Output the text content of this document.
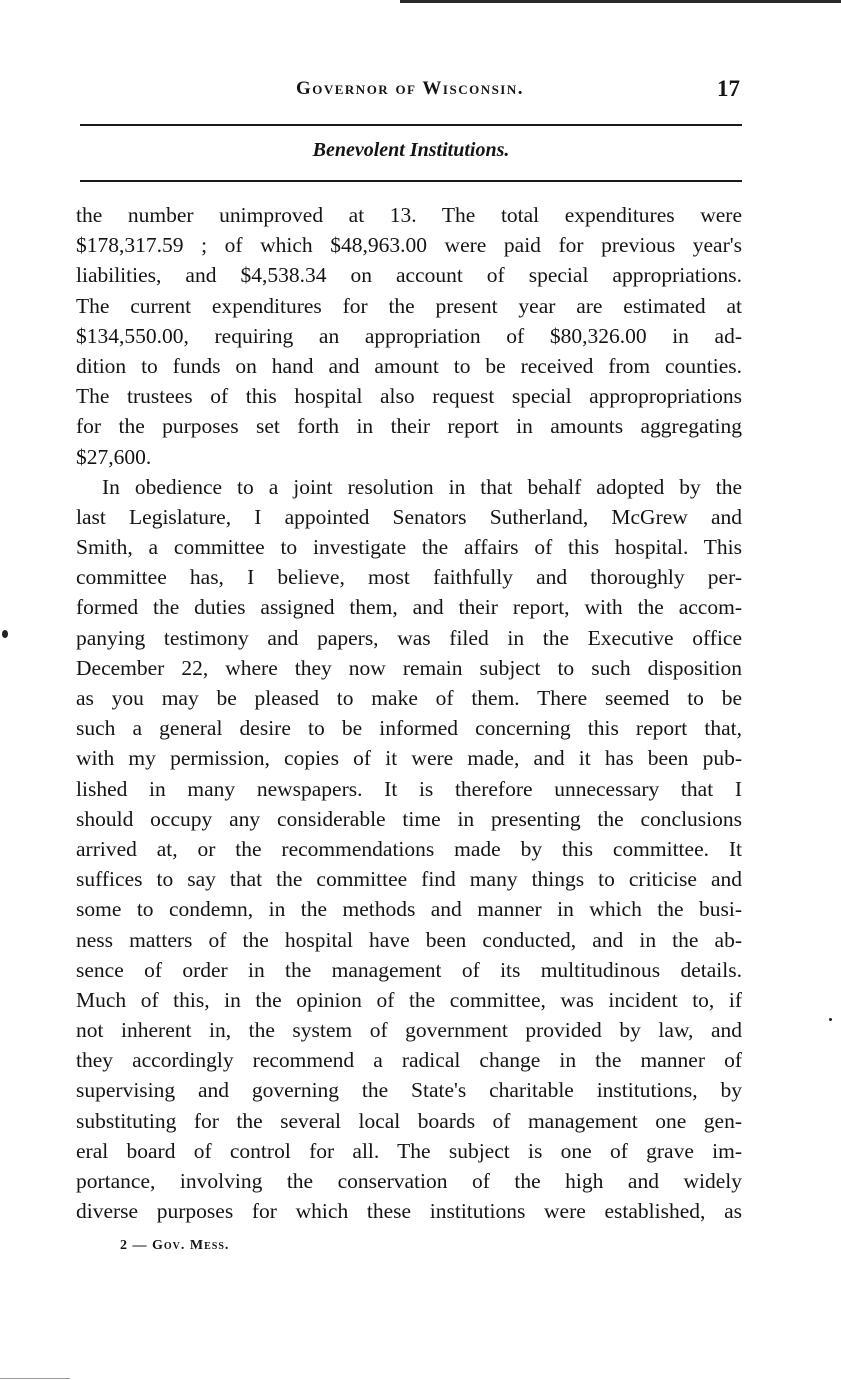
Governor of Wisconsin.	17
Benevolent Institutions.
the number unimproved at 13. The total expenditures were
$178,317.59 ; of which $48,963.00 were paid for previous year's
liabilities, and $4,538.34 on account of special appropriations.
The current expenditures for the present year are estimated at
$134,550.00, requiring an appropriation of $80,326.00 in ad-
dition to funds on hand and amount to be received from counties.
The trustees of this hospital also request special appropropriations
for the purposes set forth in their report in amounts aggregating
$27,600.
In obedience to a joint resolution in that behalf adopted by the
last Legislature, I appointed Senators Sutherland, McGrew and
Smith, a committee to investigate the affairs of this hospital. This
committee has, I believe, most faithfully and thoroughly per-
formed the duties assigned them, and their report, with the accom-
panying testimony and papers, was filed in the Executive office
December 22, where they now remain subject to such disposition
as you may be pleased to make of them. There seemed to be
such a general desire to be informed concerning this report that,
with my permission, copies of it were made, and it has been pub-
lished in many newspapers. It is therefore unnecessary that I
should occupy any considerable time in presenting the conclusions
arrived at, or the recommendations made by this committee. It
suffices to say that the committee find many things to criticise and
some to condemn, in the methods and manner in which the busi-
ness matters of the hospital have been conducted, and in the ab-
sence of order in the management of its multitudinous details.
Much of this, in the opinion of the committee, was incident to, if
not inherent in, the system of government provided by law, and
they accordingly recommend a radical change in the manner of
supervising and governing the State's charitable institutions, by
substituting for the several local boards of management one gen-
eral board of control for all. The subject is one of grave im-
portance, involving the conservation of the high and widely
diverse purposes for which these institutions were established, as
2 — Gov. Mess.
